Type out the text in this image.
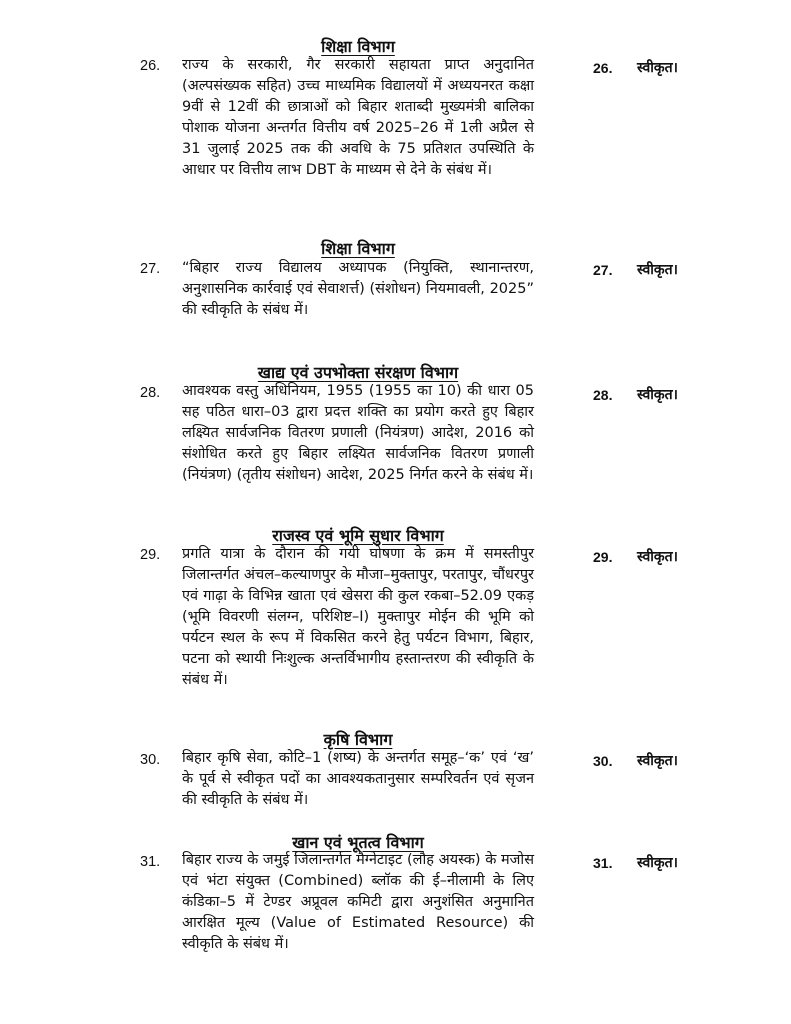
शिक्षा विभाग
26. राज्य के सरकारी, गैर सरकारी सहायता प्राप्त अनुदानित (अल्पसंख्यक सहित) उच्च माध्यमिक विद्यालयों में अध्ययनरत कक्षा 9वीं से 12वीं की छात्राओं को बिहार शताब्दी मुख्यमंत्री बालिका पोशाक योजना अन्तर्गत वित्तीय वर्ष 2025–26 में 1ली अप्रैल से 31 जुलाई 2025 तक की अवधि के 75 प्रतिशत उपस्थिति के आधार पर वित्तीय लाभ DBT के माध्यम से देने के संबंध में।
26. स्वीकृत।
शिक्षा विभाग
27. “बिहार राज्य विद्यालय अध्यापक (नियुक्ति, स्थानान्तरण, अनुशासनिक कार्रवाई एवं सेवाशर्त्त) (संशोधन) नियमावली, 2025” की स्वीकृति के संबंध में।
27. स्वीकृत।
खाद्य एवं उपभोक्ता संरक्षण विभाग
28. आवश्यक वस्तु अधिनियम, 1955 (1955 का 10) की धारा 05 सह पठित धारा–03 द्वारा प्रदत्त शक्ति का प्रयोग करते हुए बिहार लक्ष्यित सार्वजनिक वितरण प्रणाली (नियंत्रण) आदेश, 2016 को संशोधित करते हुए बिहार लक्ष्यित सार्वजनिक वितरण प्रणाली (नियंत्रण) (तृतीय संशोधन) आदेश, 2025 निर्गत करने के संबंध में।
28. स्वीकृत।
राजस्व एवं भूमि सुधार विभाग
29. प्रगति यात्रा के दौरान की गयी घोषणा के क्रम में समस्तीपुर जिलान्तर्गत अंचल–कल्याणपुर के मौजा–मुक्तापुर, परतापुर, चौंधरपुर एवं गाढ़ा के विभिन्न खाता एवं खेसरा की कुल रकबा–52.09 एकड़ (भूमि विवरणी संलग्न, परिशिष्ट–I) मुक्तापुर मोईन की भूमि को पर्यटन स्थल के रूप में विकसित करने हेतु पर्यटन विभाग, बिहार, पटना को स्थायी निःशुल्क अन्तर्विभागीय हस्तान्तरण की स्वीकृति के संबंध में।
29. स्वीकृत।
कृषि विभाग
30. बिहार कृषि सेवा, कोटि–1 (शष्य) के अन्तर्गत समूह–‘क’ एवं ‘ख’ के पूर्व से स्वीकृत पदों का आवश्यकतानुसार सम्परिवर्तन एवं सृजन की स्वीकृति के संबंध में।
30. स्वीकृत।
खान एवं भूतत्व विभाग
31. बिहार राज्य के जमुई जिलान्तर्गत मैग्नेटाइट (लौह अयस्क) के मजोस एवं भंटा संयुक्त (Combined) ब्लॉक की ई–नीलामी के लिए कंडिका–5 में टेण्डर अप्रूवल कमिटी द्वारा अनुशंसित अनुमानित आरक्षित मूल्य (Value of Estimated Resource) की स्वीकृति के संबंध में।
31. स्वीकृत।
